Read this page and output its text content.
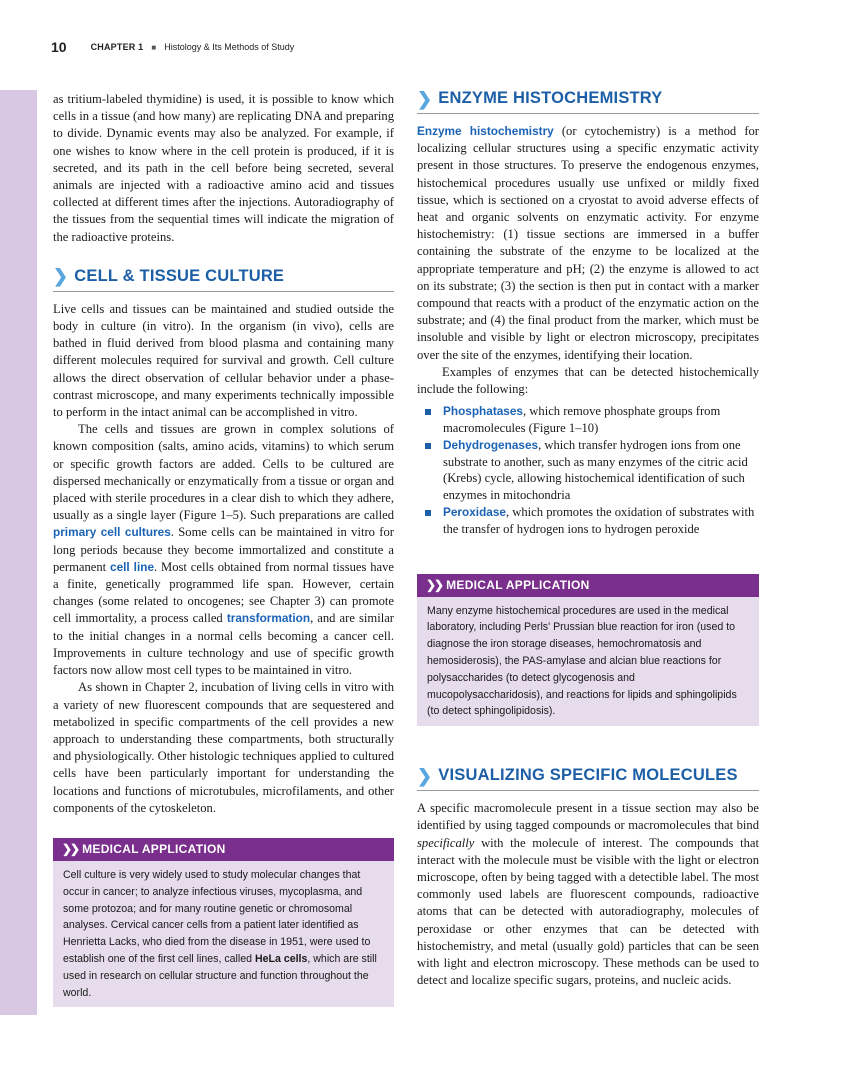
10	CHAPTER 1 ■ Histology & Its Methods of Study

as tritium-labeled thymidine) is used, it is possible to know which cells in a tissue (and how many) are replicating DNA and preparing to divide. Dynamic events may also be analyzed. For example, if one wishes to know where in the cell protein is produced, if it is secreted, and its path in the cell before being secreted, several animals are injected with a radioactive amino acid and tissues collected at different times after the injections. Autoradiography of the tissues from the sequential times will indicate the migration of the radioactive proteins.

❯ CELL & TISSUE CULTURE

Live cells and tissues can be maintained and studied outside the body in culture (in vitro). In the organism (in vivo), cells are bathed in fluid derived from blood plasma and containing many different molecules required for survival and growth. Cell culture allows the direct observation of cellular behavior under a phase-contrast microscope, and many experiments technically impossible to perform in the intact animal can be accomplished in vitro.

The cells and tissues are grown in complex solutions of known composition (salts, amino acids, vitamins) to which serum or specific growth factors are added. Cells to be cultured are dispersed mechanically or enzymatically from a tissue or organ and placed with sterile procedures in a clear dish to which they adhere, usually as a single layer (Figure 1–5). Such preparations are called primary cell cultures. Some cells can be maintained in vitro for long periods because they become immortalized and constitute a permanent cell line. Most cells obtained from normal tissues have a finite, genetically programmed life span. However, certain changes (some related to oncogenes; see Chapter 3) can promote cell immortality, a process called transformation, and are similar to the initial changes in a normal cells becoming a cancer cell. Improvements in culture technology and use of specific growth factors now allow most cell types to be maintained in vitro.

As shown in Chapter 2, incubation of living cells in vitro with a variety of new fluorescent compounds that are sequestered and metabolized in specific compartments of the cell provides a new approach to understanding these compartments, both structurally and physiologically. Other histologic techniques applied to cultured cells have been particularly important for understanding the locations and functions of microtubules, microfilaments, and other components of the cytoskeleton.

❯❯ MEDICAL APPLICATION
Cell culture is very widely used to study molecular changes that occur in cancer; to analyze infectious viruses, mycoplasma, and some protozoa; and for many routine genetic or chromosomal analyses. Cervical cancer cells from a patient later identified as Henrietta Lacks, who died from the disease in 1951, were used to establish one of the first cell lines, called HeLa cells, which are still used in research on cellular structure and function throughout the world.
❯ ENZYME HISTOCHEMISTRY

Enzyme histochemistry (or cytochemistry) is a method for localizing cellular structures using a specific enzymatic activity present in those structures. To preserve the endogenous enzymes, histochemical procedures usually use unfixed or mildly fixed tissue, which is sectioned on a cryostat to avoid adverse effects of heat and organic solvents on enzymatic activity. For enzyme histochemistry: (1) tissue sections are immersed in a buffer containing the substrate of the enzyme to be localized at the appropriate temperature and pH; (2) the enzyme is allowed to act on its substrate; (3) the section is then put in contact with a marker compound that reacts with a product of the enzymatic action on the substrate; and (4) the final product from the marker, which must be insoluble and visible by light or electron microscopy, precipitates over the site of the enzymes, identifying their location.

Examples of enzymes that can be detected histochemically include the following:

Phosphatases, which remove phosphate groups from macromolecules (Figure 1–10)
Dehydrogenases, which transfer hydrogen ions from one substrate to another, such as many enzymes of the citric acid (Krebs) cycle, allowing histochemical identification of such enzymes in mitochondria
Peroxidase, which promotes the oxidation of substrates with the transfer of hydrogen ions to hydrogen peroxide
❯❯ MEDICAL APPLICATION
Many enzyme histochemical procedures are used in the medical laboratory, including Perls' Prussian blue reaction for iron (used to diagnose the iron storage diseases, hemochromatosis and hemosiderosis), the PAS-amylase and alcian blue reactions for polysaccharides (to detect glycogenosis and mucopolysaccharidosis), and reactions for lipids and sphingolipids (to detect sphingolipidosis).
❯ VISUALIZING SPECIFIC MOLECULES

A specific macromolecule present in a tissue section may also be identified by using tagged compounds or macromolecules that bind specifically with the molecule of interest. The compounds that interact with the molecule must be visible with the light or electron microscope, often by being tagged with a detectible label. The most commonly used labels are fluorescent compounds, radioactive atoms that can be detected with autoradiography, molecules of peroxidase or other enzymes that can be detected with histochemistry, and metal (usually gold) particles that can be seen with light and electron microscopy. These methods can be used to detect and localize specific sugars, proteins, and nucleic acids.
